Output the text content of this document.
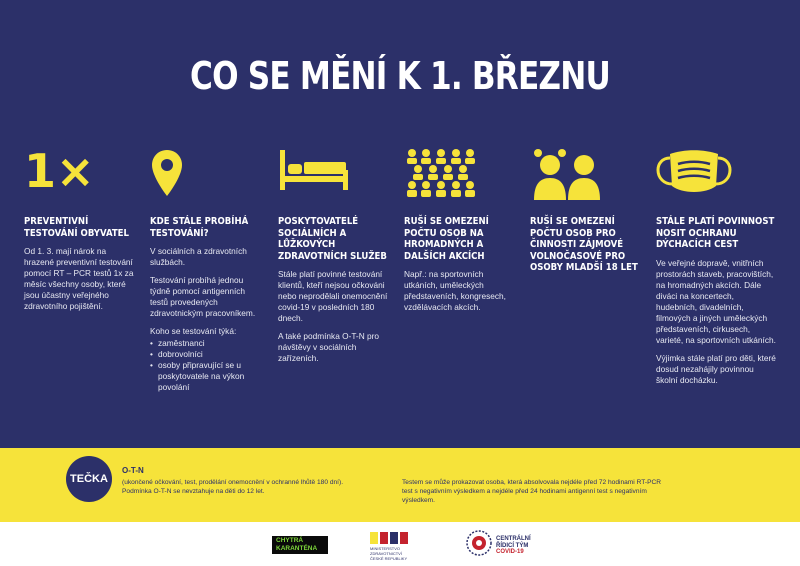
CO SE MĚNÍ K 1. BŘEZNU
1×
PREVENTIVNÍ TESTOVÁNÍ OBYVATEL

Od 1. 3. mají nárok na hrazené preventivní testování pomocí RT – PCR testů 1x za měsíc všechny osoby, které jsou účastny veřejného zdravotního pojištění.

KDE STÁLE PROBÍHÁ TESTOVÁNÍ?

V sociálních a zdravotních službách.

Testování probíhá jednou týdně pomocí antigenních testů provedených zdravotnickým pracovníkem.

Koho se testování týká:

• zaměstnanci
• dobrovolníci
• osoby připravující se u poskytovatele na výkon povolání
POSKYTOVATELÉ SOCIÁLNÍCH A LŮŽKOVÝCH ZDRAVOTNÍCH SLUŽEB

Stále platí povinné testování klientů, kteří nejsou očkováni nebo neprodělali onemocnění covid-19 v posledních 180 dnech.

A také podmínka O-T-N pro návštěvy v sociálních zařízeních.

RUŠÍ SE OMEZENÍ POČTU OSOB NA HROMADNÝCH A DALŠÍCH AKCÍCH

Např.: na sportovních utkáních, uměleckých představeních, kongresech, vzdělávacích akcích.

RUŠÍ SE OMEZENÍ POČTU OSOB PRO ČINNOSTI ZÁJMOVÉ VOLNOČASOVÉ PRO OSOBY MLADŠÍ 18 LET
STÁLE PLATÍ POVINNOST NOSIT OCHRANU DÝCHACÍCH CEST

Ve veřejné dopravě, vnitřních prostorách staveb, pracovištích, na hromadných akcích. Dále diváci na koncertech, hudebních, divadelních, filmových a jiných uměleckých představeních, cirkusech, varieté, na sportovních utkáních.

Výjimka stále platí pro děti, které dosud nezahájily povinnou školní docházku.

TEČKA
O-T-N
(ukončené očkování, test, prodělání onemocnění v ochranné lhůtě 180 dní). Podmínka O-T-N se nevztahuje na děti do 12 let.
Testem se může prokazovat osoba, která absolvovala nejdéle před 72 hodinami RT-PCR test s negativním výsledkem a nejdéle před 24 hodinami antigenní test s negativním výsledkem.
CHYTRÁ
KARANTÉNA	MINISTERSTVO ZDRAVOTNICTVÍ
ČESKÉ REPUBLIKY
CENTRÁLNÍ
ŘÍDICÍ TÝM
COVID-19
